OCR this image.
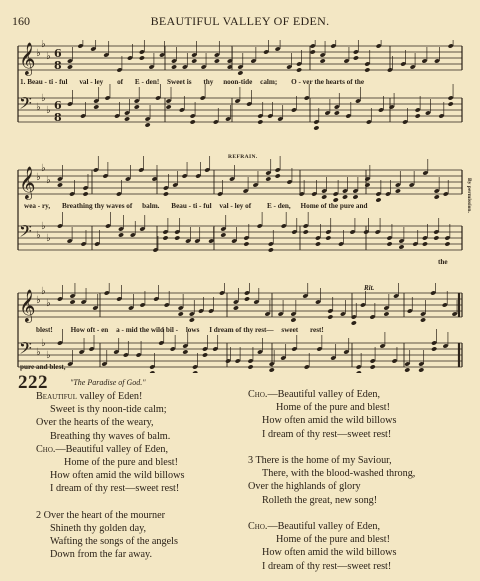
160	BEAUTIFUL VALLEY OF EDEN.
𝄞
𝄢
♭
♭
♭
♭
♭
♭
6
8
6
8
1. Beau - ti - ful val - ley of E - den! Sweet is thy noon-tide calm; O - ver the hearts of the
𝄞
𝄢
♭
♭
♭
♭
♭
♭
REFRAIN.
wea - ry, Breathing thy waves of balm. Beau - ti - ful val - ley of E - den, Home of the pure and
the
By permission.
𝄞
𝄢
♭
♭
♭
♭
♭
♭
Rit.
blest! How oft - en a - mid the wild bil - lows I dream of thy rest— sweet rest!
pure and blest,
222	"The Paradise of God."
Beautiful valley of Eden!
Sweet is thy noon-tide calm;
Over the hearts of the weary,
Breathing thy waves of balm.
Cho.—Beautiful valley of Eden,
Home of the pure and blest!
How often amid the wild billows
I dream of thy rest—sweet rest!

2 Over the heart of the mourner
Shineth thy golden day,
Wafting the songs of the angels
Down from the far away.
Cho.—Beautiful valley of Eden,
Home of the pure and blest!
How often amid the wild billows
I dream of thy rest—sweet rest!

3 There is the home of my Saviour,
There, with the blood-washed throng,
Over the highlands of glory
Rolleth the great, new song!

Cho.—Beautiful valley of Eden,
Home of the pure and blest!
How often amid the wild billows
I dream of thy rest—sweet rest!
